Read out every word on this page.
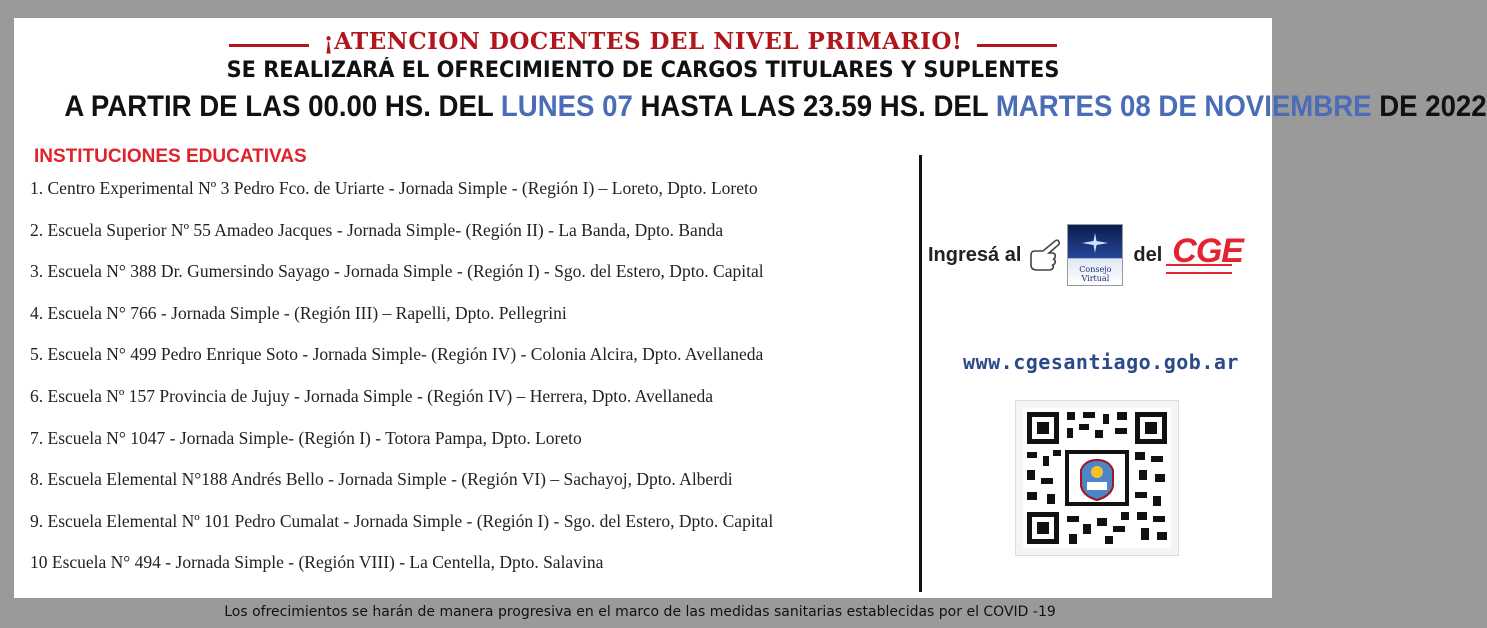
¡ATENCION DOCENTES DEL NIVEL PRIMARIO!
SE REALIZARÁ EL OFRECIMIENTO DE CARGOS TITULARES Y SUPLENTES
A PARTIR DE LAS 00.00 HS. DEL LUNES 07 HASTA LAS 23.59 HS. DEL MARTES 08 DE NOVIEMBRE DE 2022
INSTITUCIONES EDUCATIVAS
1. Centro Experimental Nº 3 Pedro Fco. de Uriarte - Jornada Simple - (Región I) – Loreto, Dpto. Loreto
2. Escuela Superior Nº 55 Amadeo Jacques - Jornada Simple- (Región II) - La Banda, Dpto. Banda
3. Escuela N° 388 Dr. Gumersindo Sayago - Jornada Simple - (Región I) - Sgo. del Estero, Dpto. Capital
4. Escuela N° 766 - Jornada Simple - (Región III) – Rapelli, Dpto. Pellegrini
5. Escuela N° 499 Pedro Enrique Soto - Jornada Simple- (Región IV) - Colonia Alcira, Dpto. Avellaneda
6. Escuela Nº 157 Provincia de Jujuy - Jornada Simple - (Región IV) – Herrera, Dpto. Avellaneda
7. Escuela N° 1047 - Jornada Simple- (Región I) - Totora Pampa, Dpto. Loreto
8. Escuela Elemental N°188 Andrés Bello - Jornada Simple - (Región VI) – Sachayoj, Dpto. Alberdi
9. Escuela Elemental Nº 101 Pedro Cumalat - Jornada Simple - (Región I) - Sgo. del Estero, Dpto. Capital
10 Escuela N° 494 - Jornada Simple - (Región VIII) - La Centella, Dpto. Salavina
Ingresá al
Consejo
Virtual
del CGE
www.cgesantiago.gob.ar
Los ofrecimientos se harán de manera progresiva en el marco de las medidas sanitarias establecidas por el COVID -19
